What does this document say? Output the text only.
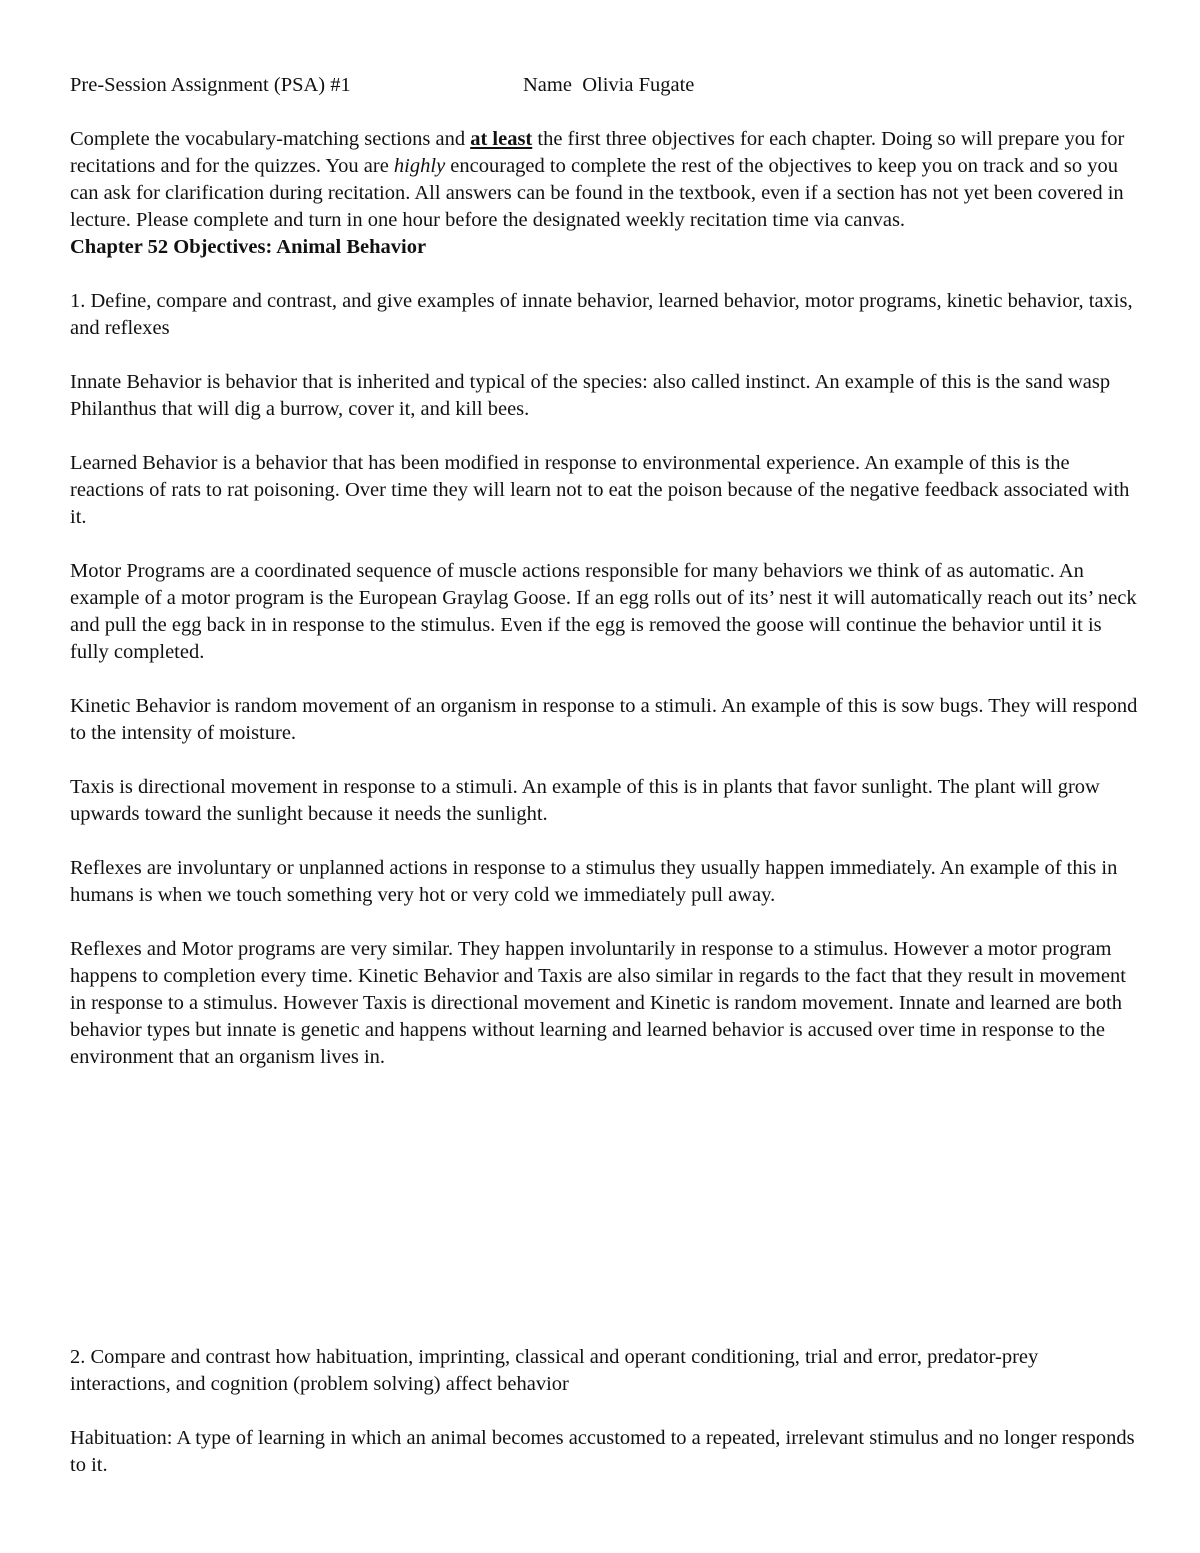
Pre-Session Assignment (PSA) #1	Name Olivia Fugate

Complete the vocabulary-matching sections and at least the first three objectives for each chapter. Doing so will prepare you for recitations and for the quizzes. You are highly encouraged to complete the rest of the objectives to keep you on track and so you can ask for clarification during recitation. All answers can be found in the textbook, even if a section has not yet been covered in lecture. Please complete and turn in one hour before the designated weekly recitation time via canvas.

Chapter 52 Objectives: Animal Behavior

1. Define, compare and contrast, and give examples of innate behavior, learned behavior, motor programs, kinetic behavior, taxis, and reflexes

Innate Behavior is behavior that is inherited and typical of the species: also called instinct. An example of this is the sand wasp Philanthus that will dig a burrow, cover it, and kill bees.

Learned Behavior is a behavior that has been modified in response to environmental experience. An example of this is the reactions of rats to rat poisoning. Over time they will learn not to eat the poison because of the negative feedback associated with it.

Motor Programs are a coordinated sequence of muscle actions responsible for many behaviors we think of as automatic. An example of a motor program is the European Graylag Goose. If an egg rolls out of its’ nest it will automatically reach out its’ neck and pull the egg back in in response to the stimulus. Even if the egg is removed the goose will continue the behavior until it is fully completed.

Kinetic Behavior is random movement of an organism in response to a stimuli. An example of this is sow bugs. They will respond to the intensity of moisture.

Taxis is directional movement in response to a stimuli. An example of this is in plants that favor sunlight. The plant will grow upwards toward the sunlight because it needs the sunlight.

Reflexes are involuntary or unplanned actions in response to a stimulus they usually happen immediately. An example of this in humans is when we touch something very hot or very cold we immediately pull away.

Reflexes and Motor programs are very similar. They happen involuntarily in response to a stimulus. However a motor program happens to completion every time. Kinetic Behavior and Taxis are also similar in regards to the fact that they result in movement in response to a stimulus. However Taxis is directional movement and Kinetic is random movement. Innate and learned are both behavior types but innate is genetic and happens without learning and learned behavior is accused over time in response to the environment that an organism lives in.

2. Compare and contrast how habituation, imprinting, classical and operant conditioning, trial and error, predator-prey interactions, and cognition (problem solving) affect behavior

Habituation: A type of learning in which an animal becomes accustomed to a repeated, irrelevant stimulus and no longer responds to it.
